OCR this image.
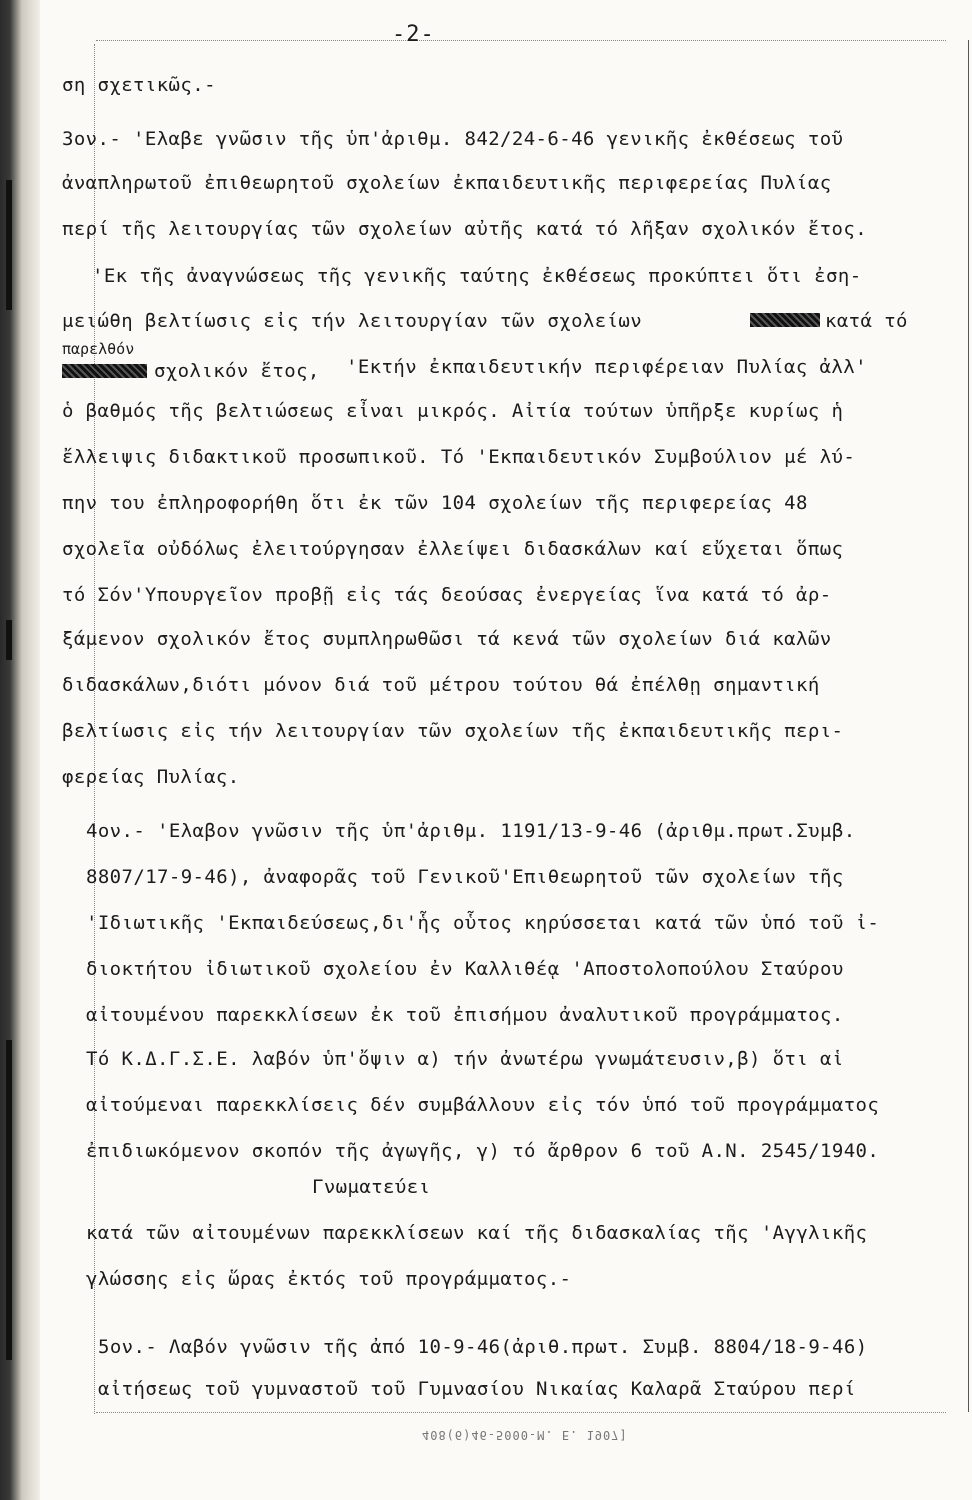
-2-
ση σχετικῶς.-
3ον.- 'Ελαβε γνῶσιν τῆς ὑπ'ἀριθμ. 842/24-6-46 γενικῆς ἐκθέσεως τοῦ
ἀναπληρωτοῦ ἐπιθεωρητοῦ σχολείων ἐκπαιδευτικῆς περιφερείας Πυλίας
περί τῆς λειτουργίας τῶν σχολείων αὐτῆς κατά τό λῆξαν σχολικόν ἔτος.
'Εκ τῆς ἀναγνώσεως τῆς γενικῆς ταύτης ἐκθέσεως προκύπτει ὅτι ἐση-
μειώθη βελτίωσις εἰς τήν λειτουργίαν τῶν σχολείων	κατά τό
παρελθόν
σχολικόν ἔτος, 'Εκτήν ἐκπαιδευτικήν περιφέρειαν Πυλίας ἀλλ'
ὁ βαθμός τῆς βελτιώσεως εἶναι μικρός. Αἰτία τούτων ὑπῆρξε κυρίως ἡ
ἔλλειψις διδακτικοῦ προσωπικοῦ. Τό 'Εκπαιδευτικόν Συμβούλιον μέ λύ-
πην του ἐπληροφορήθη ὅτι ἐκ τῶν 104 σχολείων τῆς περιφερείας 48
σχολεῖα οὐδόλως ἐλειτούργησαν ἐλλείψει διδασκάλων καί εὔχεται ὅπως
τό Σόν'Υπουργεῖον προβῇ εἰς τάς δεούσας ἐνεργείας ἵνα κατά τό ἀρ-
ξάμενον σχολικόν ἔτος συμπληρωθῶσι τά κενά τῶν σχολείων διά καλῶν
διδασκάλων,διότι μόνον διά τοῦ μέτρου τούτου θά ἐπέλθῃ σημαντική
βελτίωσις εἰς τήν λειτουργίαν τῶν σχολείων τῆς ἐκπαιδευτικῆς περι-
φερείας Πυλίας.
4ον.- 'Ελαβον γνῶσιν τῆς ὑπ'ἀριθμ. 1191/13-9-46 (ἀριθμ.πρωτ.Συμβ.
8807/17-9-46), ἀναφορᾶς τοῦ Γενικοῦ'Επιθεωρητοῦ τῶν σχολείων τῆς
'Ιδιωτικῆς 'Εκπαιδεύσεως,δι'ἧς οὗτος κηρύσσεται κατά τῶν ὑπό τοῦ ἰ-
διοκτήτου ἰδιωτικοῦ σχολείου ἐν Καλλιθέᾳ 'Αποστολοπούλου Σταύρου
αἰτουμένου παρεκκλίσεων ἐκ τοῦ ἐπισήμου ἀναλυτικοῦ προγράμματος.
Τό Κ.Δ.Γ.Σ.Ε. λαβόν ὑπ'ὄψιν α) τήν ἀνωτέρω γνωμάτευσιν,β) ὅτι αἱ
αἰτούμεναι παρεκκλίσεις δέν συμβάλλουν εἰς τόν ὑπό τοῦ προγράμματος
ἐπιδιωκόμενον σκοπόν τῆς ἀγωγῆς, γ) τό ἄρθρον 6 τοῦ Α.Ν. 2545/1940.
Γνωματεύει
κατά τῶν αἰτουμένων παρεκκλίσεων καί τῆς διδασκαλίας τῆς 'Αγγλικῆς
γλώσσης εἰς ὥρας ἐκτός τοῦ προγράμματος.-
5ον.- Λαβόν γνῶσιν τῆς ἀπό 10-9-46(ἀριθ.πρωτ. Συμβ. 8804/18-9-46)
αἰτήσεως τοῦ γυμναστοῦ τοῦ Γυμνασίου Νικαίας Καλαρᾶ Σταύρου περί
408(6)46-5000-M. E. 1907]
